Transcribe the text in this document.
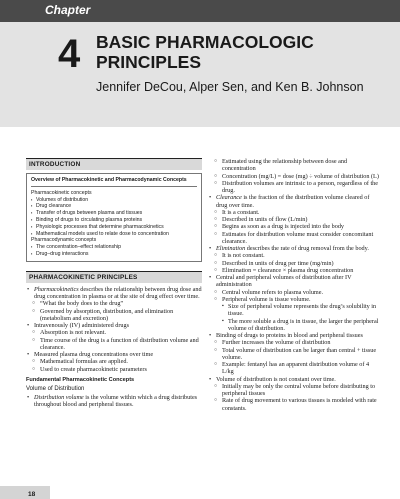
Chapter
4 BASIC PHARMACOLOGIC
PRINCIPLES
Jennifer DeCou, Alper Sen, and Ken B. Johnson
INTRODUCTION
Overview of Pharmacokinetic and Pharmacodynamic Concepts
Pharmacokinetic concepts
▪ Volumes of distribution
▪ Drug clearance
▪ Transfer of drugs between plasma and tissues
▪ Binding of drugs to circulating plasma proteins
▪ Physiologic processes that determine pharmacokinetics
▪ Mathematical models used to relate dose to concentration
Pharmacodynamic concepts
▪ The concentration–effect relationship
▪ Drug–drug interactions
PHARMACOKINETIC PRINCIPLES
• Pharmacokinetics describes the relationship between drug dose and drug concentration in plasma or at the site of drug effect over time.
○ “What the body does to the drug”
○ Governed by absorption, distribution, and elimination (metabolism and excretion)
• Intravenously (IV) administered drugs
○ Absorption is not relevant.
○ Time course of the drug is a function of distribution volume and clearance.
• Measured plasma drug concentrations over time
○ Mathematical formulas are applied.
○ Used to create pharmacokinetic parameters
Fundamental Pharmacokinetic Concepts
Volume of Distribution
• Distribution volume is the volume within which a drug distributes throughout blood and peripheral tissues.
○ Estimated using the relationship between dose and concentration
○ Concentration (mg/L) = dose (mg) ÷ volume of distribution (L)
○ Distribution volumes are intrinsic to a person, regardless of the drug.
• Clearance is the fraction of the distribution volume cleared of drug over time.
○ It is a constant.
○ Described in units of flow (L/min)
○ Begins as soon as a drug is injected into the body
○ Estimates for distribution volume must consider concomitant clearance.
• Elimination describes the rate of drug removal from the body.
○ It is not constant.
○ Described in units of drug per time (mg/min)
○ Elimination = clearance × plasma drug concentration
• Central and peripheral volumes of distribution after IV administration
○ Central volume refers to plasma volume.
○ Peripheral volume is tissue volume.
▪ Size of peripheral volume represents the drug’s solubility in tissue.
▪ The more soluble a drug is in tissue, the larger the peripheral volume of distribution.
• Binding of drugs to proteins in blood and peripheral tissues
○ Further increases the volume of distribution
○ Total volume of distribution can be larger than central + tissue volume.
○ Example: fentanyl has an apparent distribution volume of 4 L/kg
• Volume of distribution is not constant over time.
○ Initially may be only the central volume before distributing to peripheral tissues
○ Rate of drug movement to various tissues is modeled with rate constants.
18
